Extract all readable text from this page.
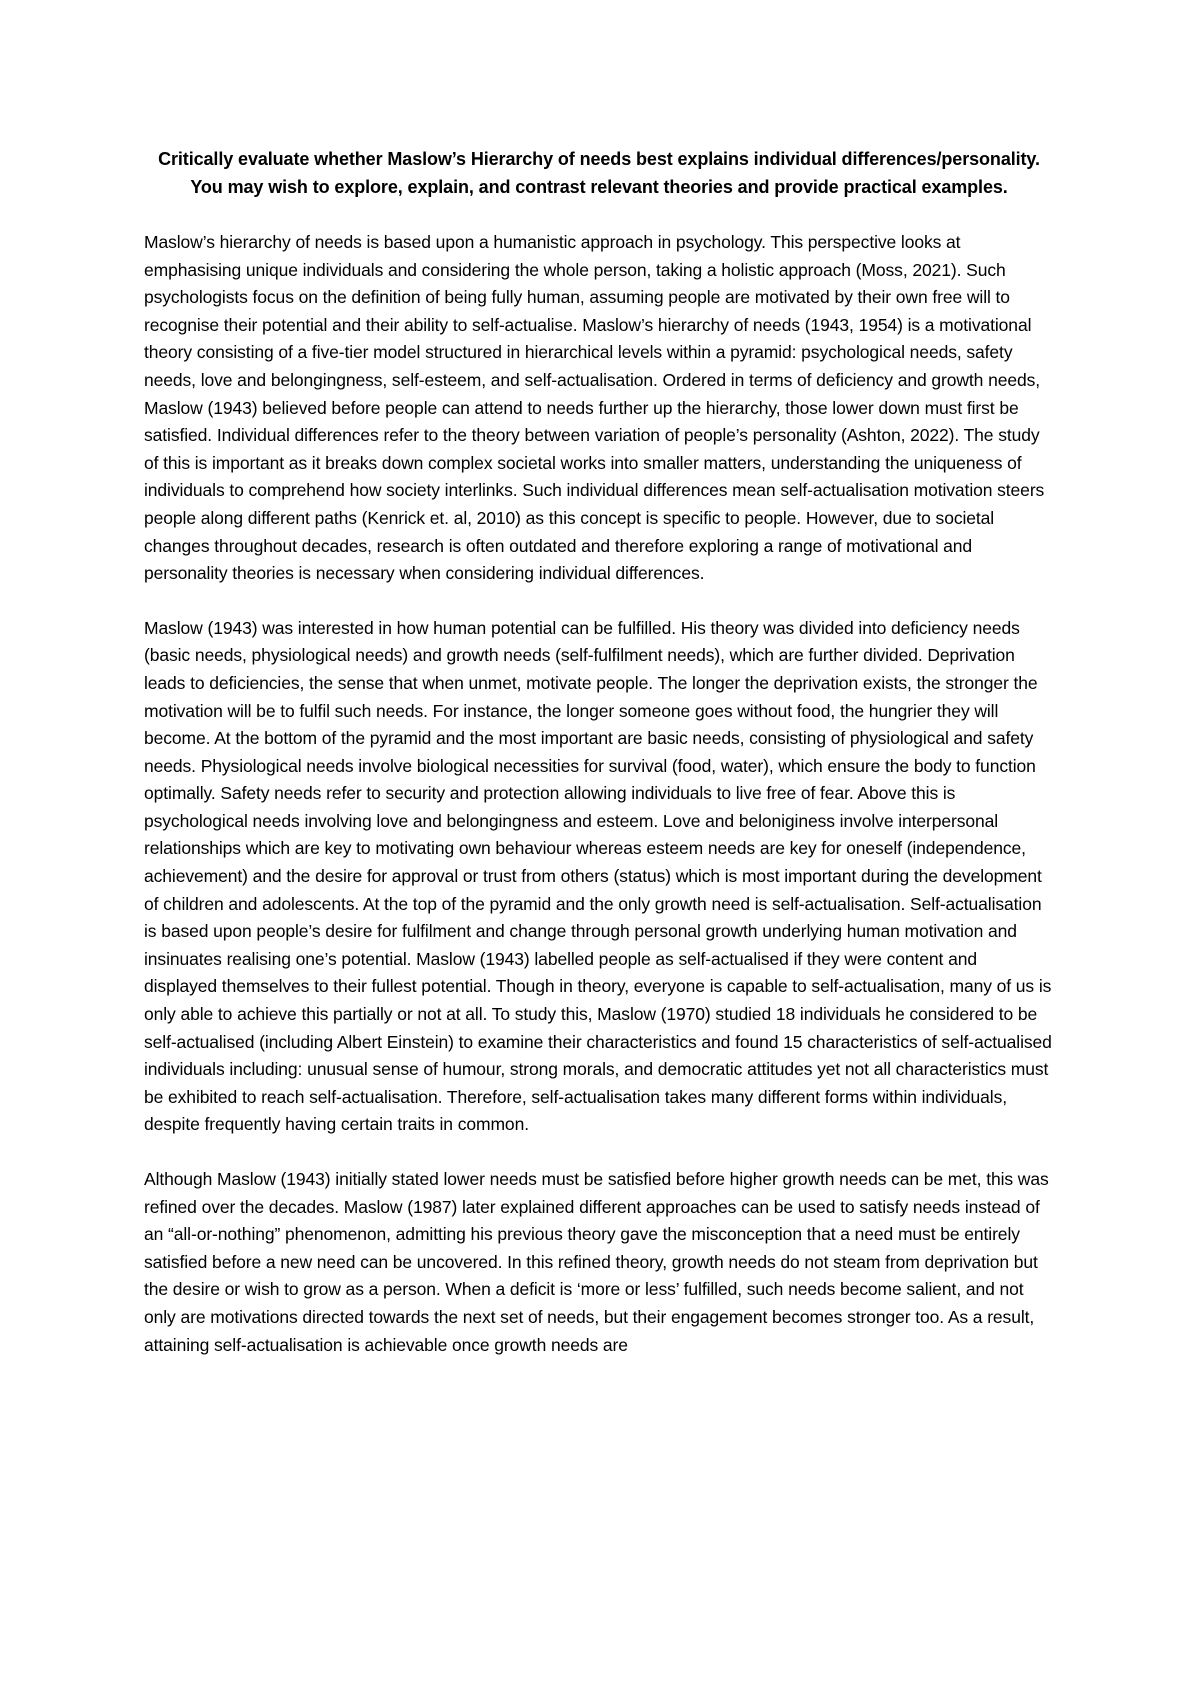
Critically evaluate whether Maslow’s Hierarchy of needs best explains individual differences/personality. You may wish to explore, explain, and contrast relevant theories and provide practical examples.

Maslow’s hierarchy of needs is based upon a humanistic approach in psychology. This perspective looks at emphasising unique individuals and considering the whole person, taking a holistic approach (Moss, 2021). Such psychologists focus on the definition of being fully human, assuming people are motivated by their own free will to recognise their potential and their ability to self-actualise. Maslow’s hierarchy of needs (1943, 1954) is a motivational theory consisting of a five-tier model structured in hierarchical levels within a pyramid: psychological needs, safety needs, love and belongingness, self-esteem, and self-actualisation. Ordered in terms of deficiency and growth needs, Maslow (1943) believed before people can attend to needs further up the hierarchy, those lower down must first be satisfied. Individual differences refer to the theory between variation of people’s personality (Ashton, 2022). The study of this is important as it breaks down complex societal works into smaller matters, understanding the uniqueness of individuals to comprehend how society interlinks. Such individual differences mean self-actualisation motivation steers people along different paths (Kenrick et. al, 2010) as this concept is specific to people. However, due to societal changes throughout decades, research is often outdated and therefore exploring a range of motivational and personality theories is necessary when considering individual differences.

Maslow (1943) was interested in how human potential can be fulfilled. His theory was divided into deficiency needs (basic needs, physiological needs) and growth needs (self-fulfilment needs), which are further divided. Deprivation leads to deficiencies, the sense that when unmet, motivate people. The longer the deprivation exists, the stronger the motivation will be to fulfil such needs. For instance, the longer someone goes without food, the hungrier they will become. At the bottom of the pyramid and the most important are basic needs, consisting of physiological and safety needs. Physiological needs involve biological necessities for survival (food, water), which ensure the body to function optimally. Safety needs refer to security and protection allowing individuals to live free of fear. Above this is psychological needs involving love and belongingness and esteem. Love and beloniginess involve interpersonal relationships which are key to motivating own behaviour whereas esteem needs are key for oneself (independence, achievement) and the desire for approval or trust from others (status) which is most important during the development of children and adolescents. At the top of the pyramid and the only growth need is self-actualisation. Self-actualisation is based upon people’s desire for fulfilment and change through personal growth underlying human motivation and insinuates realising one’s potential. Maslow (1943) labelled people as self-actualised if they were content and displayed themselves to their fullest potential. Though in theory, everyone is capable to self-actualisation, many of us is only able to achieve this partially or not at all. To study this, Maslow (1970) studied 18 individuals he considered to be self-actualised (including Albert Einstein) to examine their characteristics and found 15 characteristics of self-actualised individuals including: unusual sense of humour, strong morals, and democratic attitudes yet not all characteristics must be exhibited to reach self-actualisation. Therefore, self-actualisation takes many different forms within individuals, despite frequently having certain traits in common.

Although Maslow (1943) initially stated lower needs must be satisfied before higher growth needs can be met, this was refined over the decades. Maslow (1987) later explained different approaches can be used to satisfy needs instead of an “all-or-nothing” phenomenon, admitting his previous theory gave the misconception that a need must be entirely satisfied before a new need can be uncovered. In this refined theory, growth needs do not steam from deprivation but the desire or wish to grow as a person. When a deficit is ‘more or less’ fulfilled, such needs become salient, and not only are motivations directed towards the next set of needs, but their engagement becomes stronger too. As a result, attaining self-actualisation is achievable once growth needs are
